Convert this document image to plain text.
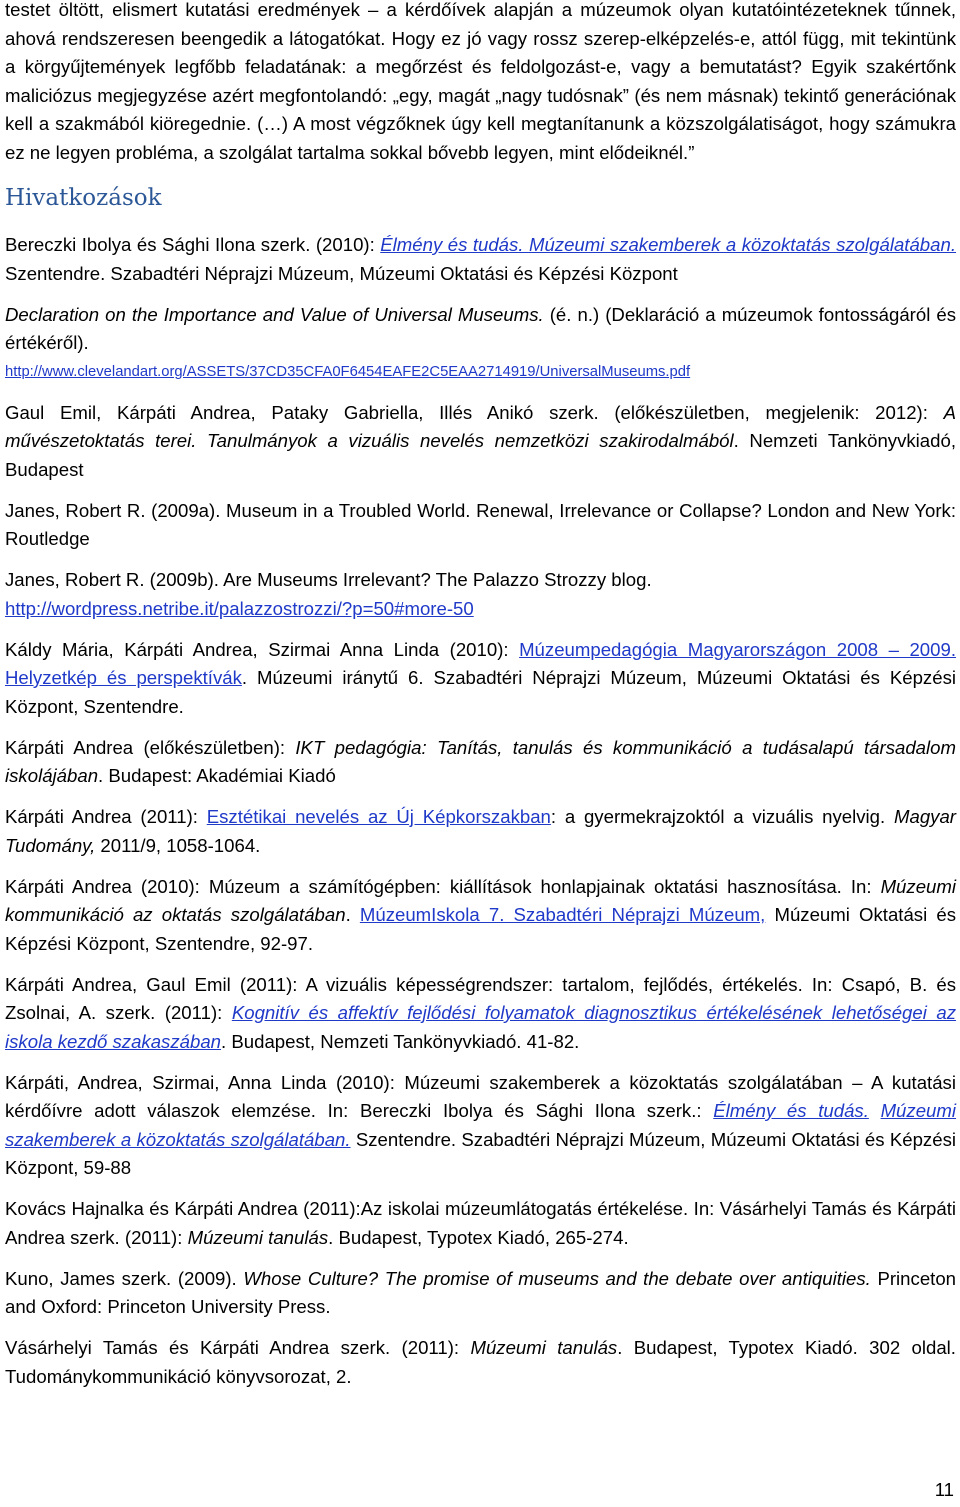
testet öltött, elismert kutatási eredmények – a kérdőívek alapján a múzeumok olyan kutatóintézeteknek tűnnek, ahová rendszeresen beengedik a látogatókat. Hogy ez jó vagy rossz szerep-elképzelés-e, attól függ, mit tekintünk a körgyűjtemények legfőbb feladatának: a megőrzést és feldolgozást-e, vagy a bemutatást? Egyik szakértőnk maliciózus megjegyzése azért megfontolandó: „egy, magát „nagy tudósnak” (és nem másnak) tekintő generációnak kell a szakmából kiöregednie. (…) A most végzőknek úgy kell megtanítanunk a közszolgálatiságot, hogy számukra ez ne legyen probléma, a szolgálat tartalma sokkal bővebb legyen, mint elődeiknél.”

Hivatkozások

Bereczki Ibolya és Sághi Ilona szerk. (2010): Élmény és tudás. Múzeumi szakemberek a közoktatás szolgálatában. Szentendre. Szabadtéri Néprajzi Múzeum, Múzeumi Oktatási és Képzési Központ

Declaration on the Importance and Value of Universal Museums. (é. n.) (Deklaráció a múzeumok fontosságáról és értékéről).
http://www.clevelandart.org/ASSETS/37CD35CFA0F6454EAFE2C5EAA2714919/UniversalMuseums.pdf

Gaul Emil, Kárpáti Andrea, Pataky Gabriella, Illés Anikó szerk. (előkészületben, megjelenik: 2012): A művészetoktatás terei. Tanulmányok a vizuális nevelés nemzetközi szakirodalmából. Nemzeti Tankönyvkiadó, Budapest

Janes, Robert R. (2009a). Museum in a Troubled World. Renewal, Irrelevance or Collapse? London and New York: Routledge

Janes, Robert R. (2009b). Are Museums Irrelevant? The Palazzo Strozzy blog.
http://wordpress.netribe.it/palazzostrozzi/?p=50#more-50

Káldy Mária, Kárpáti Andrea, Szirmai Anna Linda (2010): Múzeumpedagógia Magyarországon 2008 – 2009. Helyzetkép és perspektívák. Múzeumi iránytű 6. Szabadtéri Néprajzi Múzeum, Múzeumi Oktatási és Képzési Központ, Szentendre.

Kárpáti Andrea (előkészületben): IKT pedagógia: Tanítás, tanulás és kommunikáció a tudásalapú társadalom iskolájában. Budapest: Akadémiai Kiadó

Kárpáti Andrea (2011): Esztétikai nevelés az Új Képkorszakban: a gyermekrajzoktól a vizuális nyelvig. Magyar Tudomány, 2011/9, 1058-1064.

Kárpáti Andrea (2010): Múzeum a számítógépben: kiállítások honlapjainak oktatási hasznosítása. In: Múzeumi kommunikáció az oktatás szolgálatában. MúzeumIskola 7. Szabadtéri Néprajzi Múzeum, Múzeumi Oktatási és Képzési Központ, Szentendre, 92-97.

Kárpáti Andrea, Gaul Emil (2011): A vizuális képességrendszer: tartalom, fejlődés, értékelés. In: Csapó, B. és Zsolnai, A. szerk. (2011): Kognitív és affektív fejlődési folyamatok diagnosztikus értékelésének lehetőségei az iskola kezdő szakaszában. Budapest, Nemzeti Tankönyvkiadó. 41-82.

Kárpáti, Andrea, Szirmai, Anna Linda (2010): Múzeumi szakemberek a közoktatás szolgálatában – A kutatási kérdőívre adott válaszok elemzése. In: Bereczki Ibolya és Sághi Ilona szerk.: Élmény és tudás. Múzeumi szakemberek a közoktatás szolgálatában. Szentendre. Szabadtéri Néprajzi Múzeum, Múzeumi Oktatási és Képzési Központ, 59-88

Kovács Hajnalka és Kárpáti Andrea (2011):Az iskolai múzeumlátogatás értékelése. In: Vásárhelyi Tamás és Kárpáti Andrea szerk. (2011): Múzeumi tanulás. Budapest, Typotex Kiadó, 265-274.

Kuno, James szerk. (2009). Whose Culture? The promise of museums and the debate over antiquities. Princeton and Oxford: Princeton University Press.

Vásárhelyi Tamás és Kárpáti Andrea szerk. (2011): Múzeumi tanulás. Budapest, Typotex Kiadó. 302 oldal. Tudománykommunikáció könyvsorozat, 2.

11
